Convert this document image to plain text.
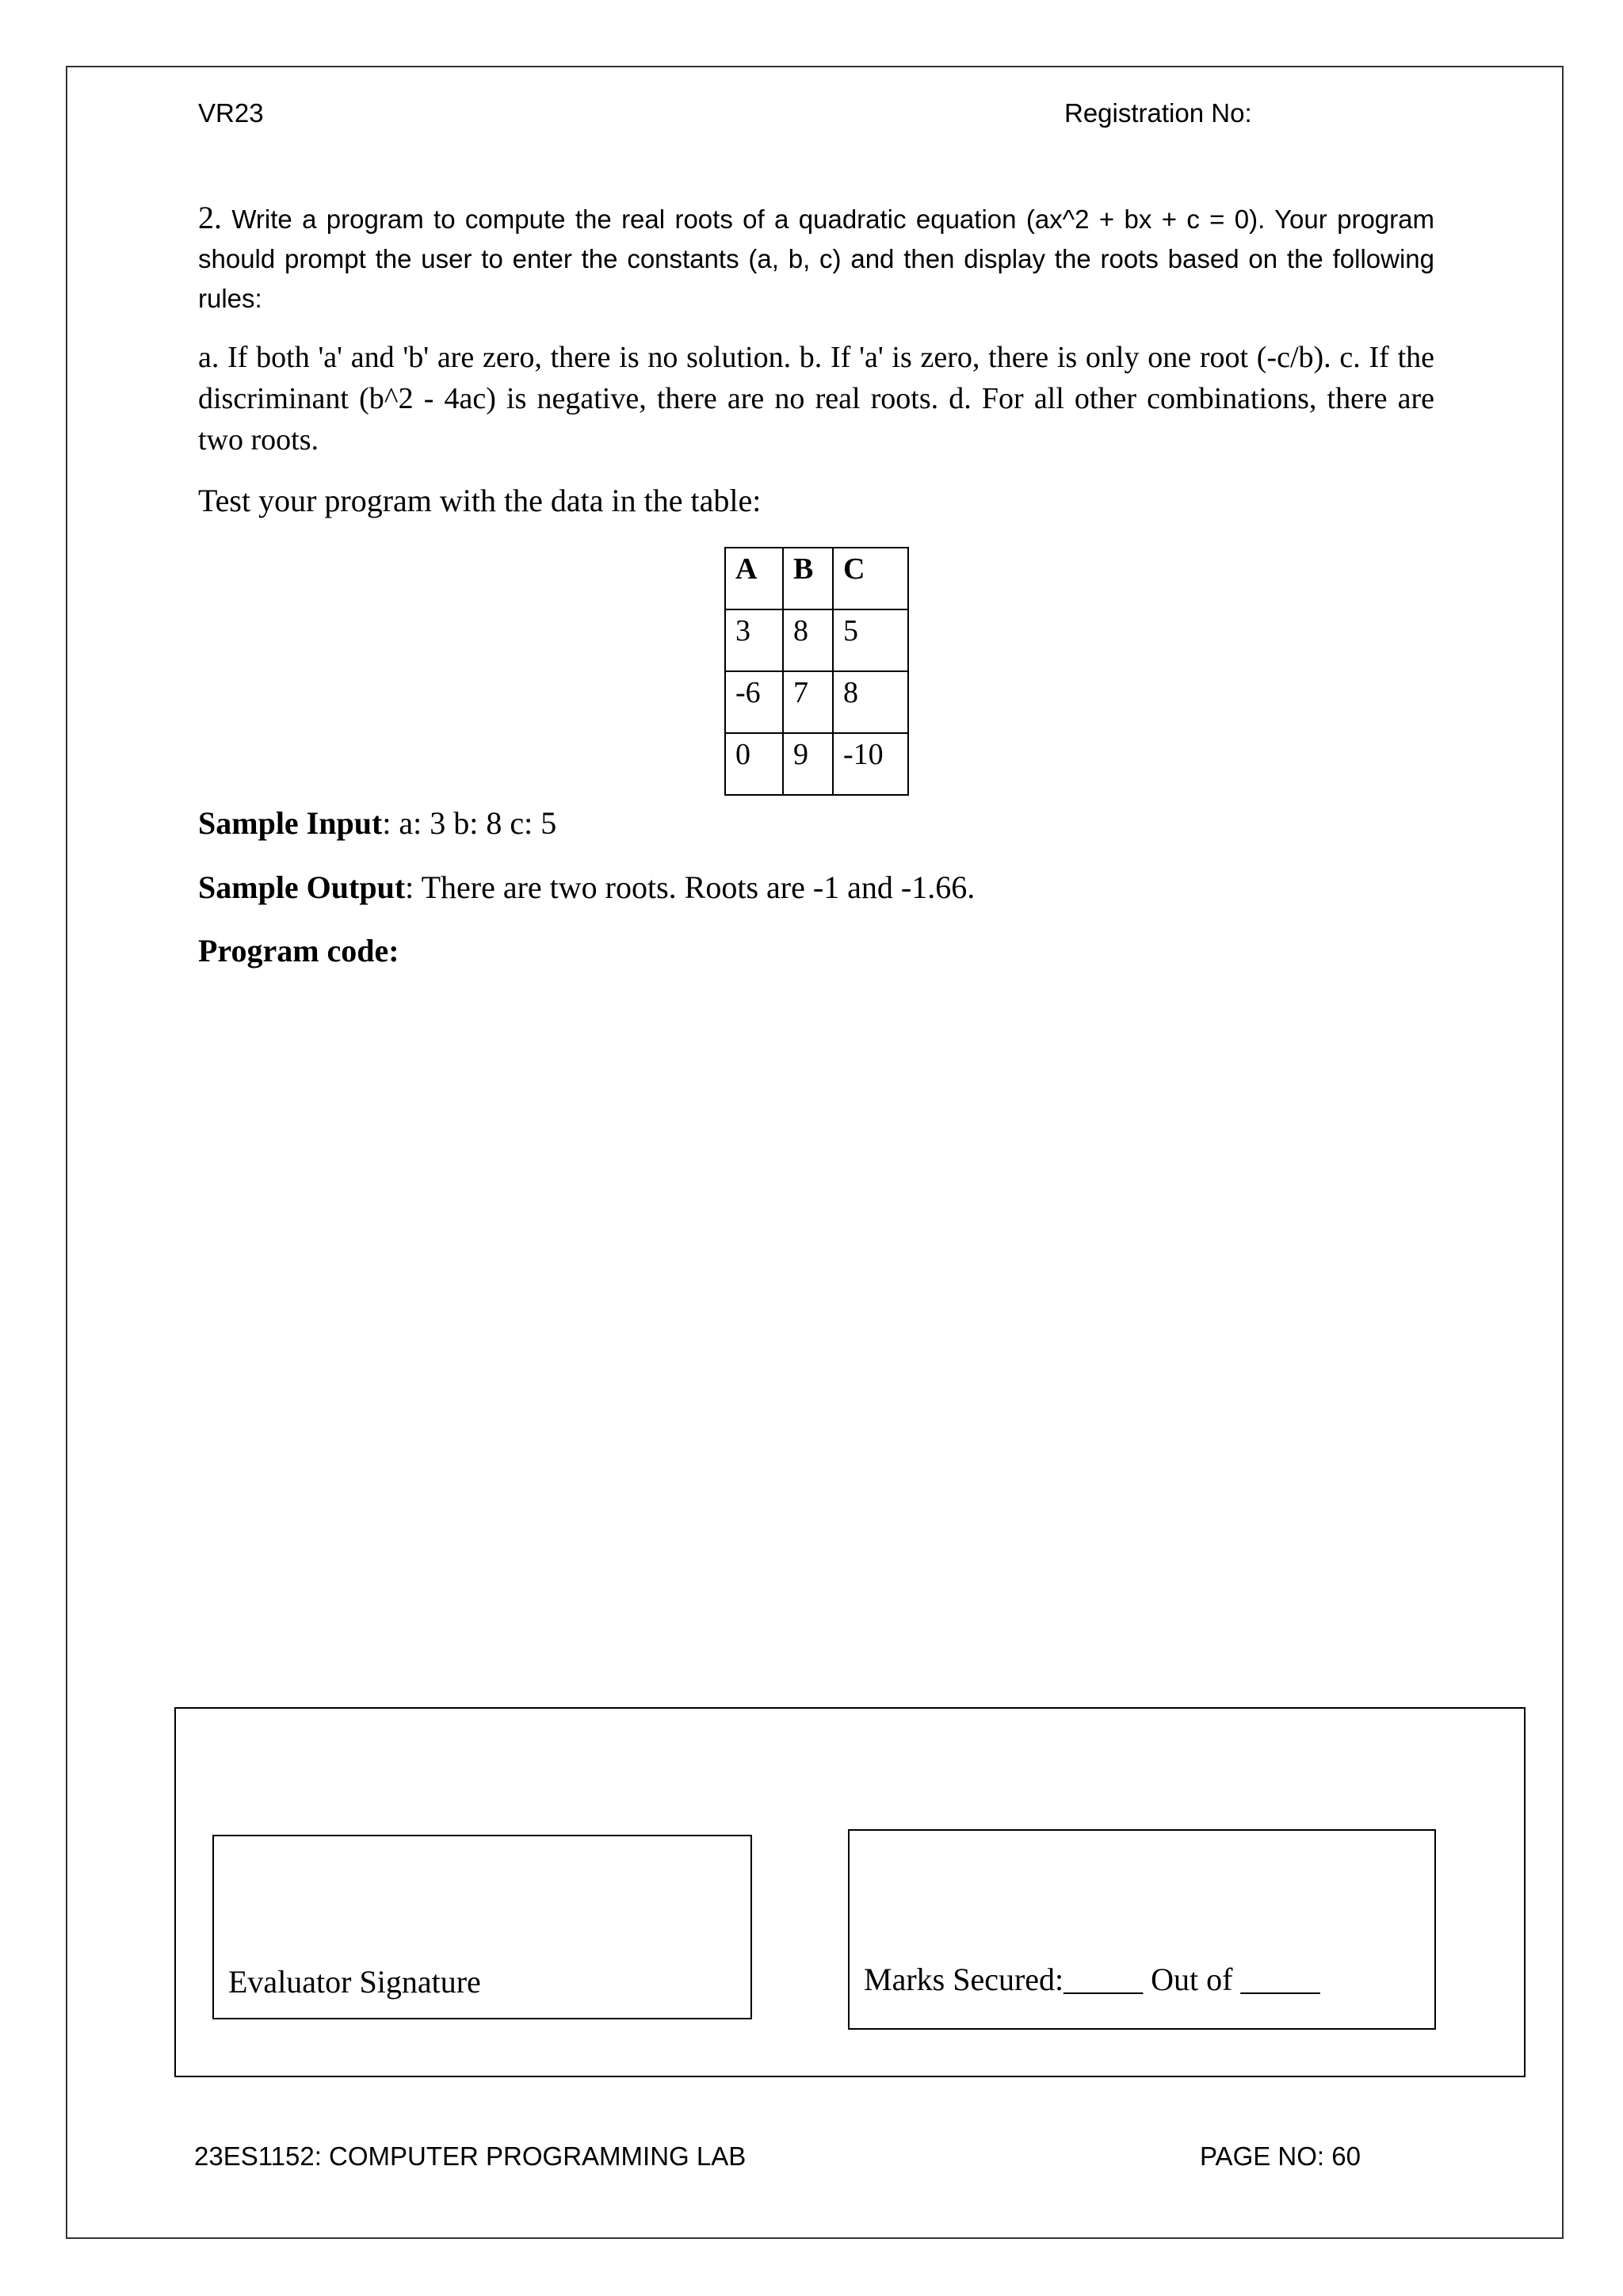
VR23	Registration No:
2. Write a program to compute the real roots of a quadratic equation (ax^2 + bx + c = 0). Your program should prompt the user to enter the constants (a, b, c) and then display the roots based on the following rules:
a. If both 'a' and 'b' are zero, there is no solution. b. If 'a' is zero, there is only one root (-c/b). c. If the discriminant (b^2 - 4ac) is negative, there are no real roots. d. For all other combinations, there are two roots.
Test your program with the data in the table:
A	B	C
3	8	5
-6	7	8
0	9	-10
Sample Input: a: 3 b: 8 c: 5
Sample Output: There are two roots. Roots are -1 and -1.66.
Program code:
Evaluator Signature	Marks Secured:_____ Out of _____
23ES1152: COMPUTER PROGRAMMING LAB	PAGE NO: 60
